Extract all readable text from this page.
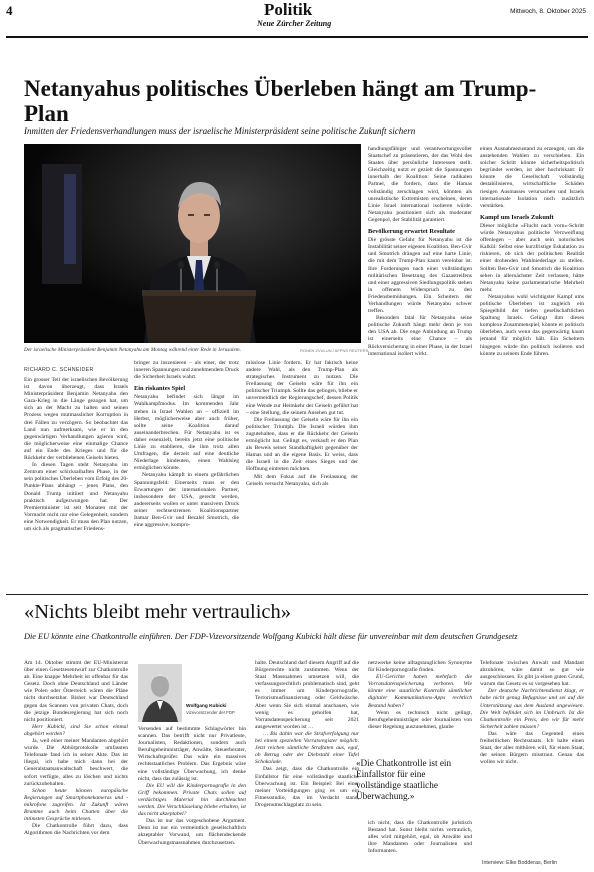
4	Politik
Neue Zürcher Zeitung
Mittwoch, 8. Oktober 2025
Netanyahus politisches Überleben hängt am Trump-Plan
Inmitten der Friedensverhandlungen muss der israelische Ministerpräsident seine politische Zukunft sichern
Der israelische Ministerpräsident Benjamin Netanyahu am Montag während einer Rede in Jerusalem.	RONEN ZVULUN / AFPNS REUTERS
RICHARD C. SCHNEIDER

Ein grosser Teil der israelischen Bevölkerung ist davon überzeugt, dass Israels Ministerpräsident Benjamin Netanyahu den Gaza-Krieg in die Länge gezogen hat, um sich an der Macht zu halten und seinen Prozess wegen mutmasslicher Korruption in drei Fällen zu verzögern. So beobachtet das Land nun aufmerksam, wie er in den gegenwärtigen Verhandlungen agieren wird, die möglicherweise eine einmalige Chance auf ein Ende des Krieges und für die Rückkehr der verbliebenen Geiseln bieten.

In diesen Tagen steht Netanyahu im Zentrum einer schicksalhaften Phase, in der sein politisches Überleben vom Erfolg des 20-Punkte-Plans abhängt – jenes Plans, den Donald Trump initiiert und Netanyahu praktisch aufgezwungen hat. Der Premierminister ist seit Monaten mit der Vormacht nicht nur eine Gelegenheit, sondern eine Notwendigkeit. Er muss den Plan nutzen, um sich als pragmatischer Friedens-

bringer zu inszenieren – als einer, der trotz inneren Spannungen und zunehmendem Druck die Sicherheit Israels wahrt.

Ein riskantes Spiel

Netanyahu befindet sich längst im Wahlkampfmodus. Im kommenden Jahr stehen in Israel Wahlen an – offiziell im Herbst, möglicherweise aber auch früher, sollte seine Koalition darauf auseinanderbrechen. Für Netanyahu ist es daher essenziell, bereits jetzt eine politische Linie zu etablieren, die ihm trotz allen Umfragen, die derzeit auf eine deutliche Niederlage hindeuten, einen Wahlsieg ermöglichen könnte.

Netanyahu kämpft in einem gefährlichen Spannungsfeld: Einerseits muss er den Erwartungen der internationalen Partner, insbesondere der USA, gerecht werden, andererseits wollen er unter massivem Druck seiner rechtsextremen Koalitionspartner Itamar Ben-Gvir und Bezalel Smotrich, die eine aggressive, kompro-

misslose Linie fordern. Er hat faktisch keine andere Wahl, als den Trump-Plan als strategisches Instrument zu nutzen. Die Freilassung der Geiseln wäre für ihn ein politischer Triumph. Sollte das gelingen, bliebe er unvermeidlich der Regierungschef, dessen Politik eine Wende zur Heimkehr der Geiseln geführt hat – eine Stellung, die seinem Ansehen gut tut.

Die Freilassung der Geiseln wäre für ihn ein politischer Triumph. Die Israeli würden ihm zugutehalten, dass er die Rückkehr der Geiseln ermöglicht hat. Gelingt es, verkauft er den Plan als Beweis seiner Standhaftigkeit gegenüber der Hamas und an die eigene Basis. Er weiss, dass die Israeli in die Zeit eines Sieges und der Hoffnung eintreten möchten.

Mit dem Fokus auf die Freilassung der Geiseln versucht Netanyahu, sich als

handlungsfähiger und verantwortungsvoller Staatschef zu präsentieren, der das Wohl des Staates über persönliche Interessen stellt. Gleichzeitig nutzt er gezielt die Spannungen innerhalb der Koalition: Seine radikalen Partner, die fordern, dass die Hamas vollständig zerschlagen wird, könnten als unrealistische Extremisten erscheinen, deren Linie Israel international isolieren würde. Netanyahu positioniert sich als moderater Gegenpol, der Stabilität garantiert.

Bevölkerung erwartet Resultate

Die grösste Gefahr für Netanyahu ist die Instabilität seiner eigenen Koalition. Ben-Gvir und Smotrich drängen auf eine harte Linie, die mit dem Trump-Plan kaum vereinbar ist. Ihre Forderungen nach einer vollständigen militärischen Besetzung des Gazastreifens und einer aggressiven Siedlungspolitik stehen in offenem Widerspruch zu den Friedensbemühungen. Ein Scheitern der Verhandlungen würde Netanyahu schwer treffen.

Besonders fatal für Netanyahu seine politische Zukunft hängt mehr denn je von den USA ab. Die enge Anbindung an Trump ist einerseits eine Chance – als Rückversicherung in einer Phase, in der Israel international isoliert wirkt.

einen Ausnahmezustand zu erzeugen, um die anstehenden Wahlen zu verschieben. Ein solcher Schritt könnte sicherheitspolitisch begründet werden, ist aber hochriskant: Er könnte die Gesellschaft vollständig destabilisieren, wirtschaftliche Schäden riesigen Ausmasses verursachen und Israels internationale Isolation noch zusätzlich verstärken.

Kampf um Israels Zukunft

Dieser mögliche «Flucht nach vorn»-Schritt würde Netanyahus politische Verzweiflung offenlegen – aber auch sein notorisches Kalkül: Selbst eine kurzfristige Eskalation zu riskieren, ob sich der politischen Realität einer drohenden Wahlniederlage zu stellen. Sollten Ben-Gvir und Smotrich die Koalition sehen in allernächster Zeit verlassen, hätte Netanyahu keine parlamentarische Mehrheit mehr.

Netanyahus wohl wichtigster Kampf ums politische Überleben ist zugleich ein Spiegelbild der tiefen gesellschaftlichen Spaltung Israels. Gelingt ihm dieses komplexe Zusammenspiel, könnte er politisch überleben, auch wenn das gegenwärtig kaum jemand für möglich hält. Ein Scheitern hingegen würde ihn politisch isolieren und könnte zu seinem Ende führen.

«Nichts bleibt mehr vertraulich»
Die EU könnte eine Chatkontrolle einführen. Der FDP-Vizevorsitzende Wolfgang Kubicki hält diese für unvereinbar mit dem deutschen Grundgesetz

Am 14. Oktober stimmt der EU-Ministerrat über einen Gesetzesentwurf zur Chatkontrolle ab. Eine knappe Mehrheit ist offenbar für das Gesetz. Doch ohne Deutschland und Länder wie Polen oder Österreich wären die Pläne nicht durchsetzbar. Bisher war Deutschland gegen das Scannen von privaten Chats, doch die jetzige Bundesregierung hat sich noch nicht positioniert.

Herr Kubicki, sind Sie schon einmal abgehört worden?

Ja, weil einer meiner Mandanten abgehört wurde. Die Abhörprotokolle umfassten Telefonate fand ich in seiner Akte. Das ist illegal, ich habe mich dann bei der Generalstaatsanwaltschaft beschwert, die sofort verfügte, alles zu löschen und nichts zurückzubehalten.

Schon heute können europäische Regierungen auf Smartphonekameras und -mikrofone zugreifen. Ist Zukunft wären Bramme auch beim Chatten über die intimsten Gespräche mitlesen.

Die Chatkontrolle führt dazu, dass Algorithmen die Nachrichten vor dem

Wolfgang Kubicki
Vizevorsitzender der FDP

Versenden auf bestimmte Schlagwörter hin scannen. Das betrifft nicht nur Privatleute, Journalisten, Redaktionen, sondern auch Berufsgeheimnisträger, Anwälte, Steuerberater, Wirtschaftsprüfer. Das wäre ein massives rechtsstaatliches Problem. Das Ergebnis wäre eine vollständige Überwachung, ich denke nicht, dass das zulässig ist.

Die EU will die Kinderpornografie in den Griff bekommen. Private Chats sollen auf verdächtiges Material hin durchleuchtet werden. Die Verschlüsselung bliebe erhalten, ist das nicht akzeptabel?

Das ist nur das vorgeschobene Argument. Denn ist nur ein vermeintlich gesellschaftlich akzeptabler Vorwand, um flächendeckende Überwachungsmassnahmen durchzusetzen.

halte. Deutschland darf diesem Angriff auf die Bürgerrechte nicht zustimmen. Wenn der Staat Massnahmen umsetzen will, die verfassungsrechtlich problematisch sind, geht es immer um Kinderpornografie, Terrorismusfinanzierung oder Geldwäsche. Aber wenn Sie sich einmal anschauen, wie wenig es geholfen hat, Vorratsdatenspeicherung seit 2021 ausgewertet worden ist …

… Bis dahin war die Strafverfolgung nur bei einem speziellen Vorratsregister möglich. Jetzt reichen sämtliche Straftaten aus, egal, ob Betrug oder der Diebstahl einer Tafel Schokolade.

Das zeigt, dass die Chatkontrolle ein Einfallstor für eine vollständige staatliche Überwachung ist. Ein Beispiel: Bei einer meiner Vorteidigungen ging es um ein Fitnessstudio, das im Verdacht stand, Drogenumschlagplatz zu sein.

netzwerke keine alltagstauglichen Synonyme für Kinderpornografie finden.

EU-Gerichte haben mehrfach die Vorratsdatenspeicherung verboten. Wie könnte eine staatliche Kontrolle sämtlicher digitaler Kommunikations-Apps rechtlich Bestand haben?

Wenn es technisch nicht gelingt, Berufsgeheimnisträger oder Journalisten von dieser Regelung auszunehmen, glaube

«Die Chatkontrolle ist ein Einfallstor für eine vollständige staatliche Überwachung.»

ich nicht, dass die Chatkontrolle juristisch Bestand hat. Sonst bleibt nichts vertraulich, alles wird mitgehört, egal, ob Anwälte und ihre Mandanten oder Journalisten und Informanten.

Telefonate zwischen Anwalt und Mandant abzuhören, wäre damit so gut wie ausgeschlossen. Es gibt ja einen guten Grund, warum das Gesetz es so vorgesehen hat.

Der deutsche Nachrichtendienst klagt, er habe nicht genug Befugnisse und sei auf die Unterstützung aus dem Ausland angewiesen. Die Welt befindet sich im Umbruch. Ist die Chatkontrolle ein Preis, den wir für mehr Sicherheit zahlen müssen?

Das wäre das Gegenteil eines freiheitlichen Rechtsstaats. Ich halte einen Staat, der alles mithören will, für einen Staat, der seinen Bürgern misstraut. Genau das wollen wir nicht.

Interview: Elke Bodderas, Berlin
